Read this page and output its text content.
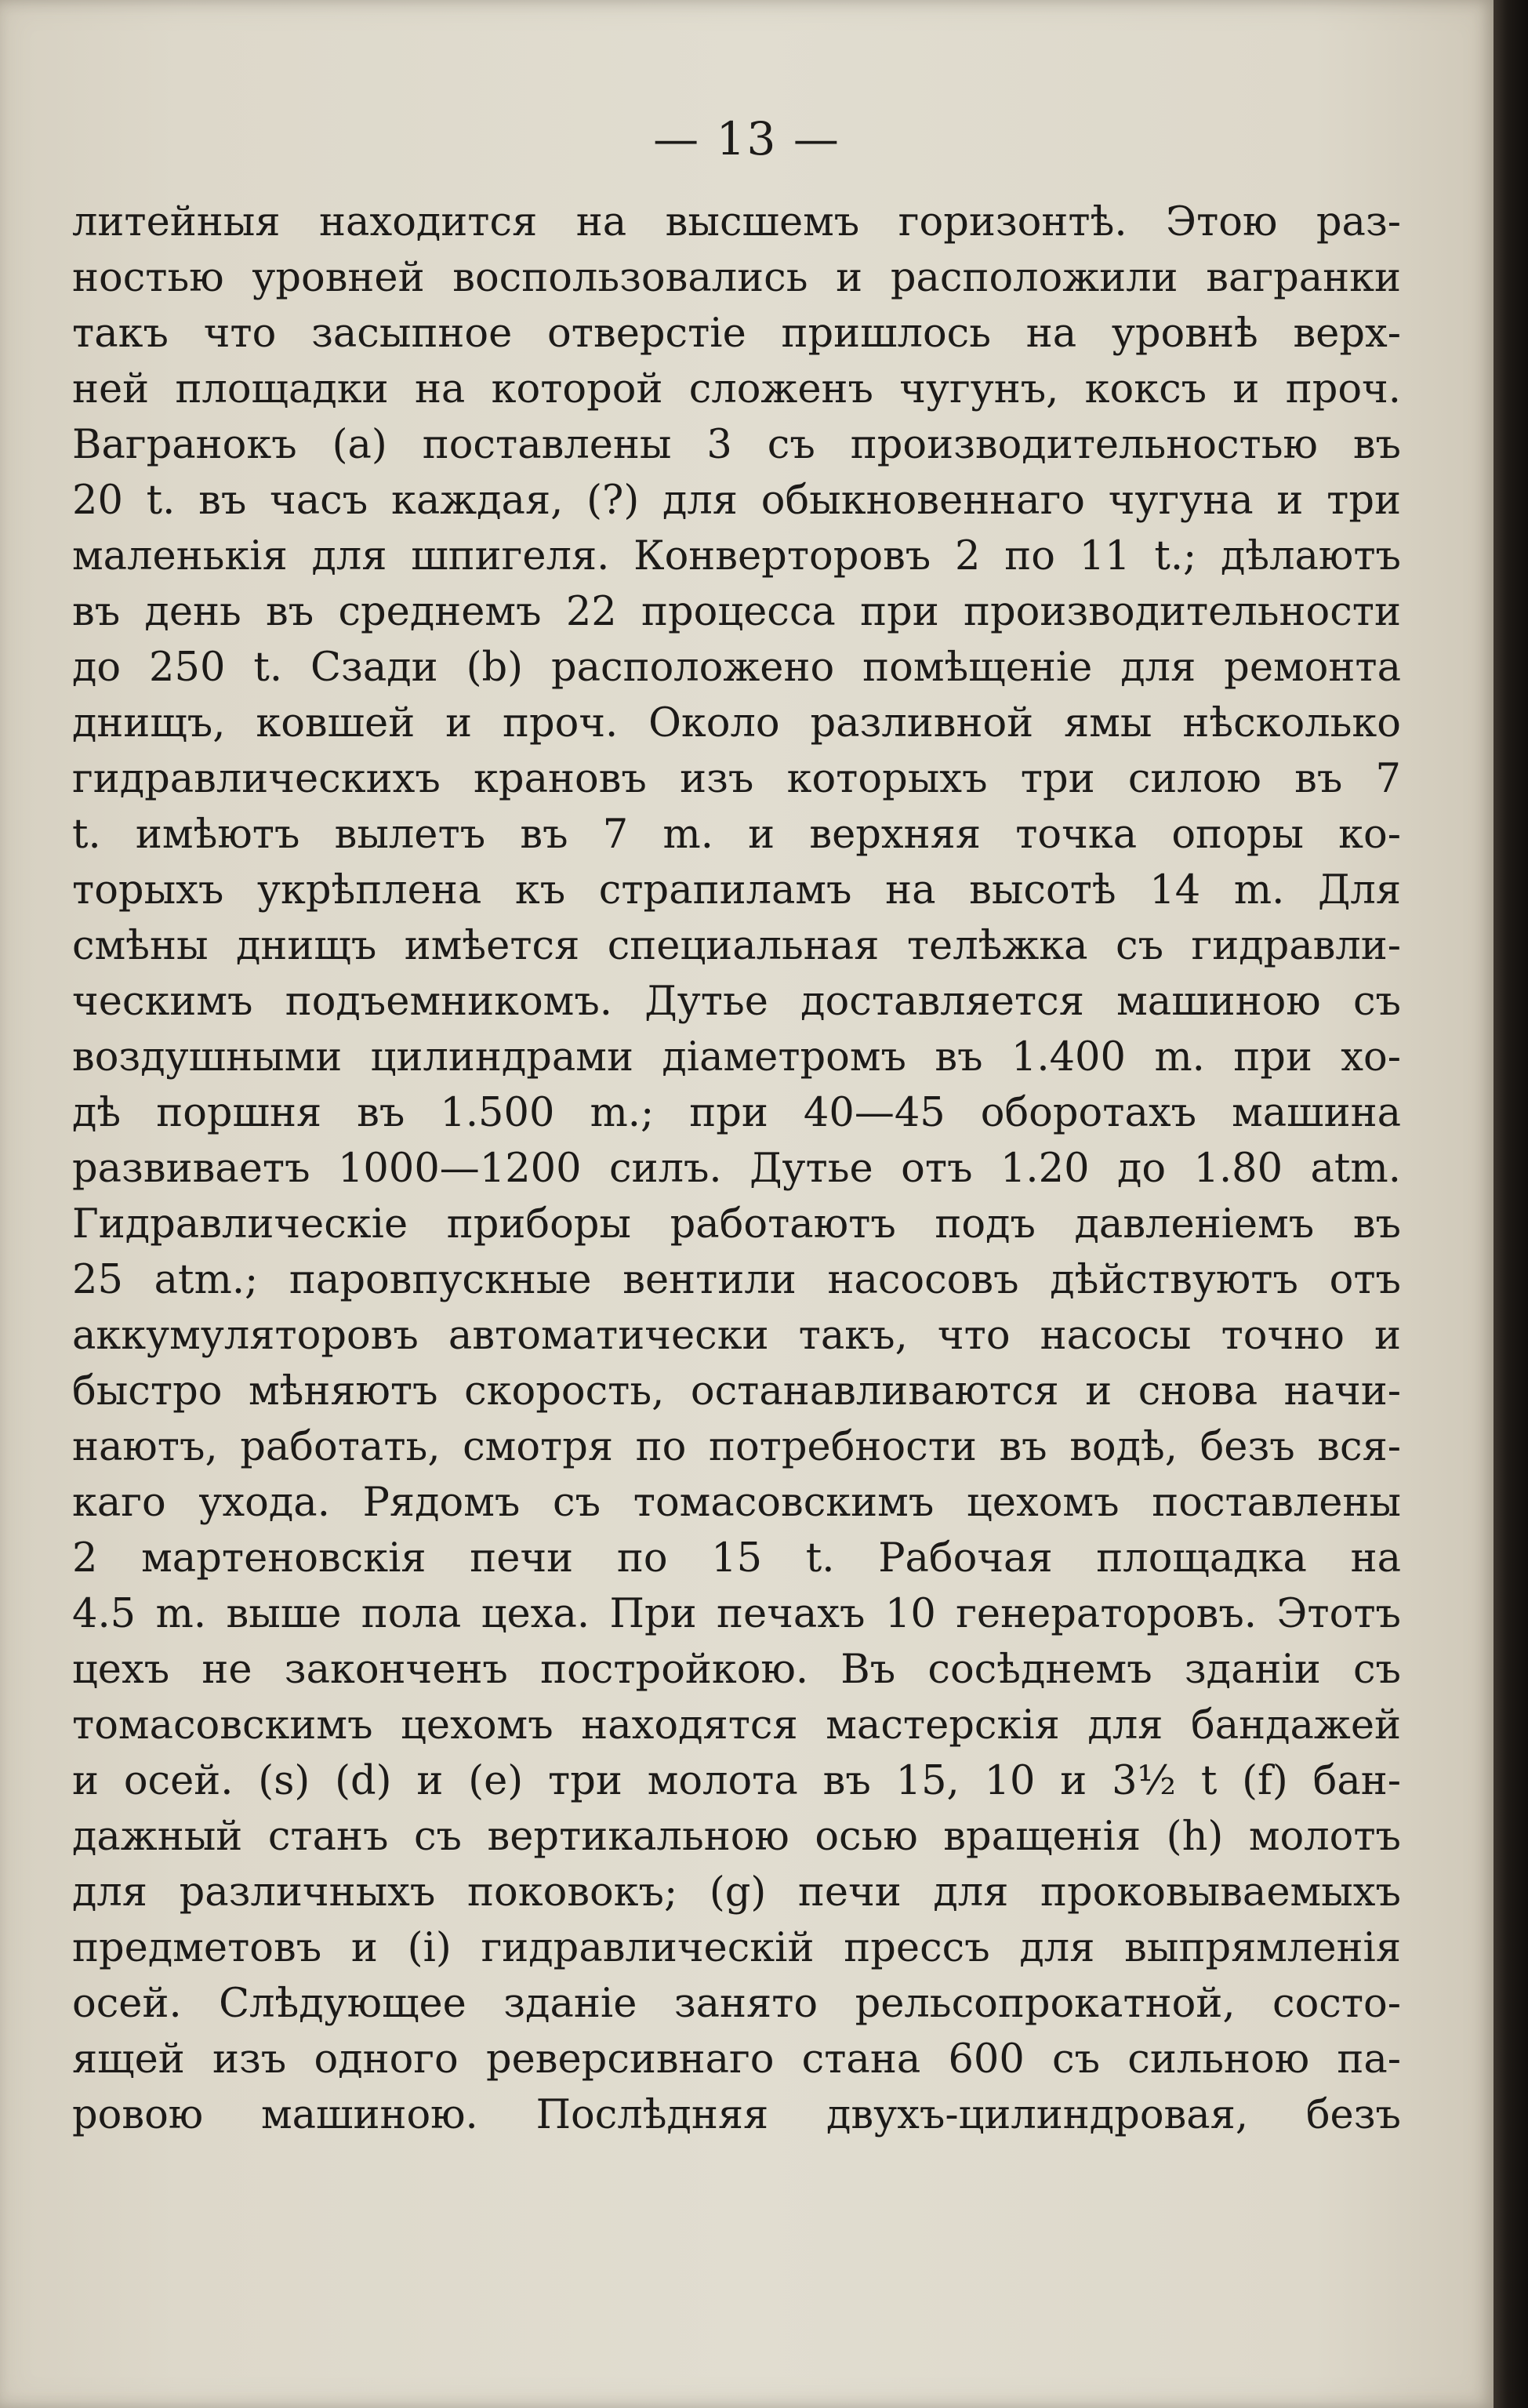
— 13 —
литейныя находится на высшемъ горизонтѣ. Этою раз-
ностью уровней воспользовались и расположили вагранки
такъ что засыпное отверстіе пришлось на уровнѣ верх-
ней площадки на которой сложенъ чугунъ, коксъ и проч.
Вагранокъ (a) поставлены 3 съ производительностью въ
20 t. въ часъ каждая, (?) для обыкновеннаго чугуна и три
маленькія для шпигеля. Конверторовъ 2 по 11 t.; дѣлаютъ
въ день въ среднемъ 22 процесса при производительности
до 250 t. Сзади (b) расположено помѣщеніе для ремонта
днищъ, ковшей и проч. Около разливной ямы нѣсколько
гидравлическихъ крановъ изъ которыхъ три силою въ 7
t. имѣютъ вылетъ въ 7 m. и верхняя точка опоры ко-
торыхъ укрѣплена къ страпиламъ на высотѣ 14 m. Для
смѣны днищъ имѣется специальная телѣжка съ гидравли-
ческимъ подъемникомъ. Дутье доставляется машиною съ
воздушными цилиндрами діаметромъ въ 1.400 m. при хо-
дѣ поршня въ 1.500 m.; при 40—45 оборотахъ машина
развиваетъ 1000—1200 силъ. Дутье отъ 1.20 до 1.80 atm.
Гидравлическіе приборы работаютъ подъ давленіемъ въ
25 atm.; паровпускные вентили насосовъ дѣйствуютъ отъ
аккумуляторовъ автоматически такъ, что насосы точно и
быстро мѣняютъ скорость, останавливаются и снова начи-
наютъ, работать, смотря по потребности въ водѣ, безъ вся-
каго ухода. Рядомъ съ томасовскимъ цехомъ поставлены
2 мартеновскія печи по 15 t. Рабочая площадка на
4.5 m. выше пола цеха. При печахъ 10 генераторовъ. Этотъ
цехъ не законченъ постройкою. Въ сосѣднемъ зданіи съ
томасовскимъ цехомъ находятся мастерскія для бандажей
и осей. (s) (d) и (e) три молота въ 15, 10 и 3½ t (f) бан-
дажный станъ съ вертикальною осью вращенія (h) молотъ
для различныхъ поковокъ; (g) печи для проковываемыхъ
предметовъ и (i) гидравлическій прессъ для выпрямленія
осей. Слѣдующее зданіе занято рельсопрокатной, состо-
ящей изъ одного реверсивнаго стана 600 съ сильною па-
ровою машиною. Послѣдняя двухъ-цилиндровая, безъ
